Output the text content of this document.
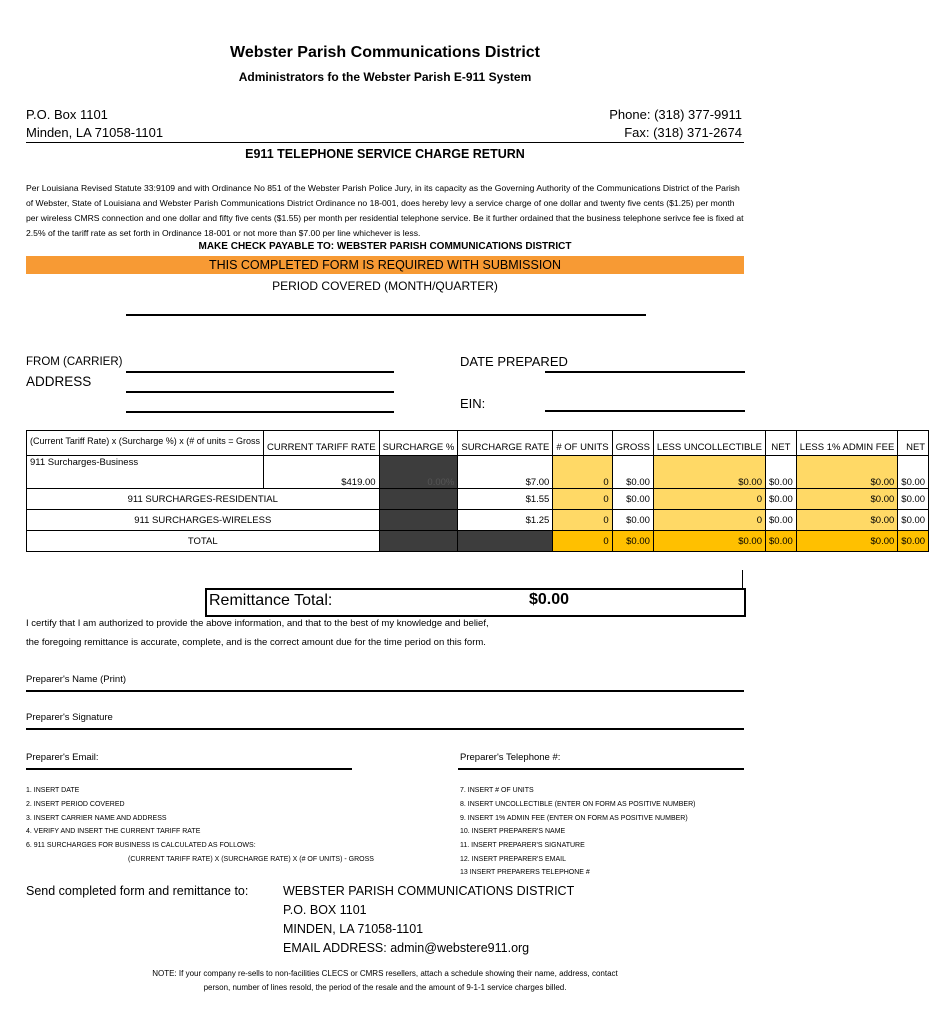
Webster Parish Communications District
Administrators fo the Webster Parish E-911 System
P.O. Box 1101
Minden, LA 71058-1101
Phone: (318) 377-9911
Fax: (318) 371-2674
E911 TELEPHONE SERVICE CHARGE RETURN
Per Louisiana Revised Statute 33:9109 and with Ordinance No 851 of the Webster Parish Police Jury, in its capacity as the Governing Authority of the Communications District of the Parish of Webster, State of Louisiana and Webster Parish Communications District Ordinance no 18-001, does hereby levy a service charge of one dollar and twenty five cents ($1.25) per month per wireless CMRS connection and one dollar and fifty five cents ($1.55) per month per residential telephone service. Be it further ordained that the business telephone serivce fee is fixed at 2.5% of the tariff rate as set forth in Ordinance 18-001 or not more than $7.00 per line whichever is less.
MAKE CHECK PAYABLE TO: WEBSTER PARISH COMMUNICATIONS DISTRICT
THIS COMPLETED FORM IS REQUIRED WITH SUBMISSION
PERIOD COVERED (MONTH/QUARTER)
FROM (CARRIER)	DATE PREPARED
ADDRESS
EIN:
(Current Tariff Rate) x (Surcharge %) x (# of units = Gross	CURRENT TARIFF RATE	SURCHARGE %	SURCHARGE RATE	# OF UNITS	GROSS	LESS UNCOLLECTIBLE	NET	LESS 1% ADMIN FEE	NET
911 Surcharges-Business	$419.00	0.00%	$7.00	0	$0.00	$0.00	$0.00	$0.00	$0.00
911 SURCHARGES-RESIDENTIAL			$1.55	0	$0.00	0	$0.00	$0.00	$0.00
911 SURCHARGES-WIRELESS			$1.25	0	$0.00	0	$0.00	$0.00	$0.00
TOTAL				0	$0.00	$0.00	$0.00	$0.00	$0.00
Remittance Total:	$0.00
I certify that I am authorized to provide the above information, and that to the best of my knowledge and belief,
the foregoing remittance is accurate, complete, and is the correct amount due for the time period on this form.
Preparer's Name (Print)
Preparer's Signature
Preparer's Email:	Preparer's Telephone #:
1. INSERT DATE
2. INSERT PERIOD COVERED
3. INSERT CARRIER NAME AND ADDRESS
4. VERIFY AND INSERT THE CURRENT TARIFF RATE
6. 911 SURCHARGES FOR BUSINESS IS CALCULATED AS FOLLOWS:
(CURRENT TARIFF RATE) X (SURCHARGE RATE) X (# OF UNITS) - GROSS
7. INSERT # OF UNITS
8. INSERT UNCOLLECTIBLE (ENTER ON FORM AS POSITIVE NUMBER)
9. INSERT 1% ADMIN FEE (ENTER ON FORM AS POSITIVE NUMBER)
10. INSERT PREPARER'S NAME
11. INSERT PREPARER'S SIGNATURE
12. INSERT PREPARER'S EMAIL
13 INSERT PREPARERS TELEPHONE #
Send completed form and remittance to:	WEBSTER PARISH COMMUNICATIONS DISTRICT
P.O. BOX 1101
MINDEN, LA 71058-1101
EMAIL ADDRESS: admin@webstere911.org
NOTE: If your company re-sells to non-facilities CLECS or CMRS resellers, attach a schedule showing their name, address, contact
person, number of lines resold, the period of the resale and the amount of 9-1-1 service charges billed.
